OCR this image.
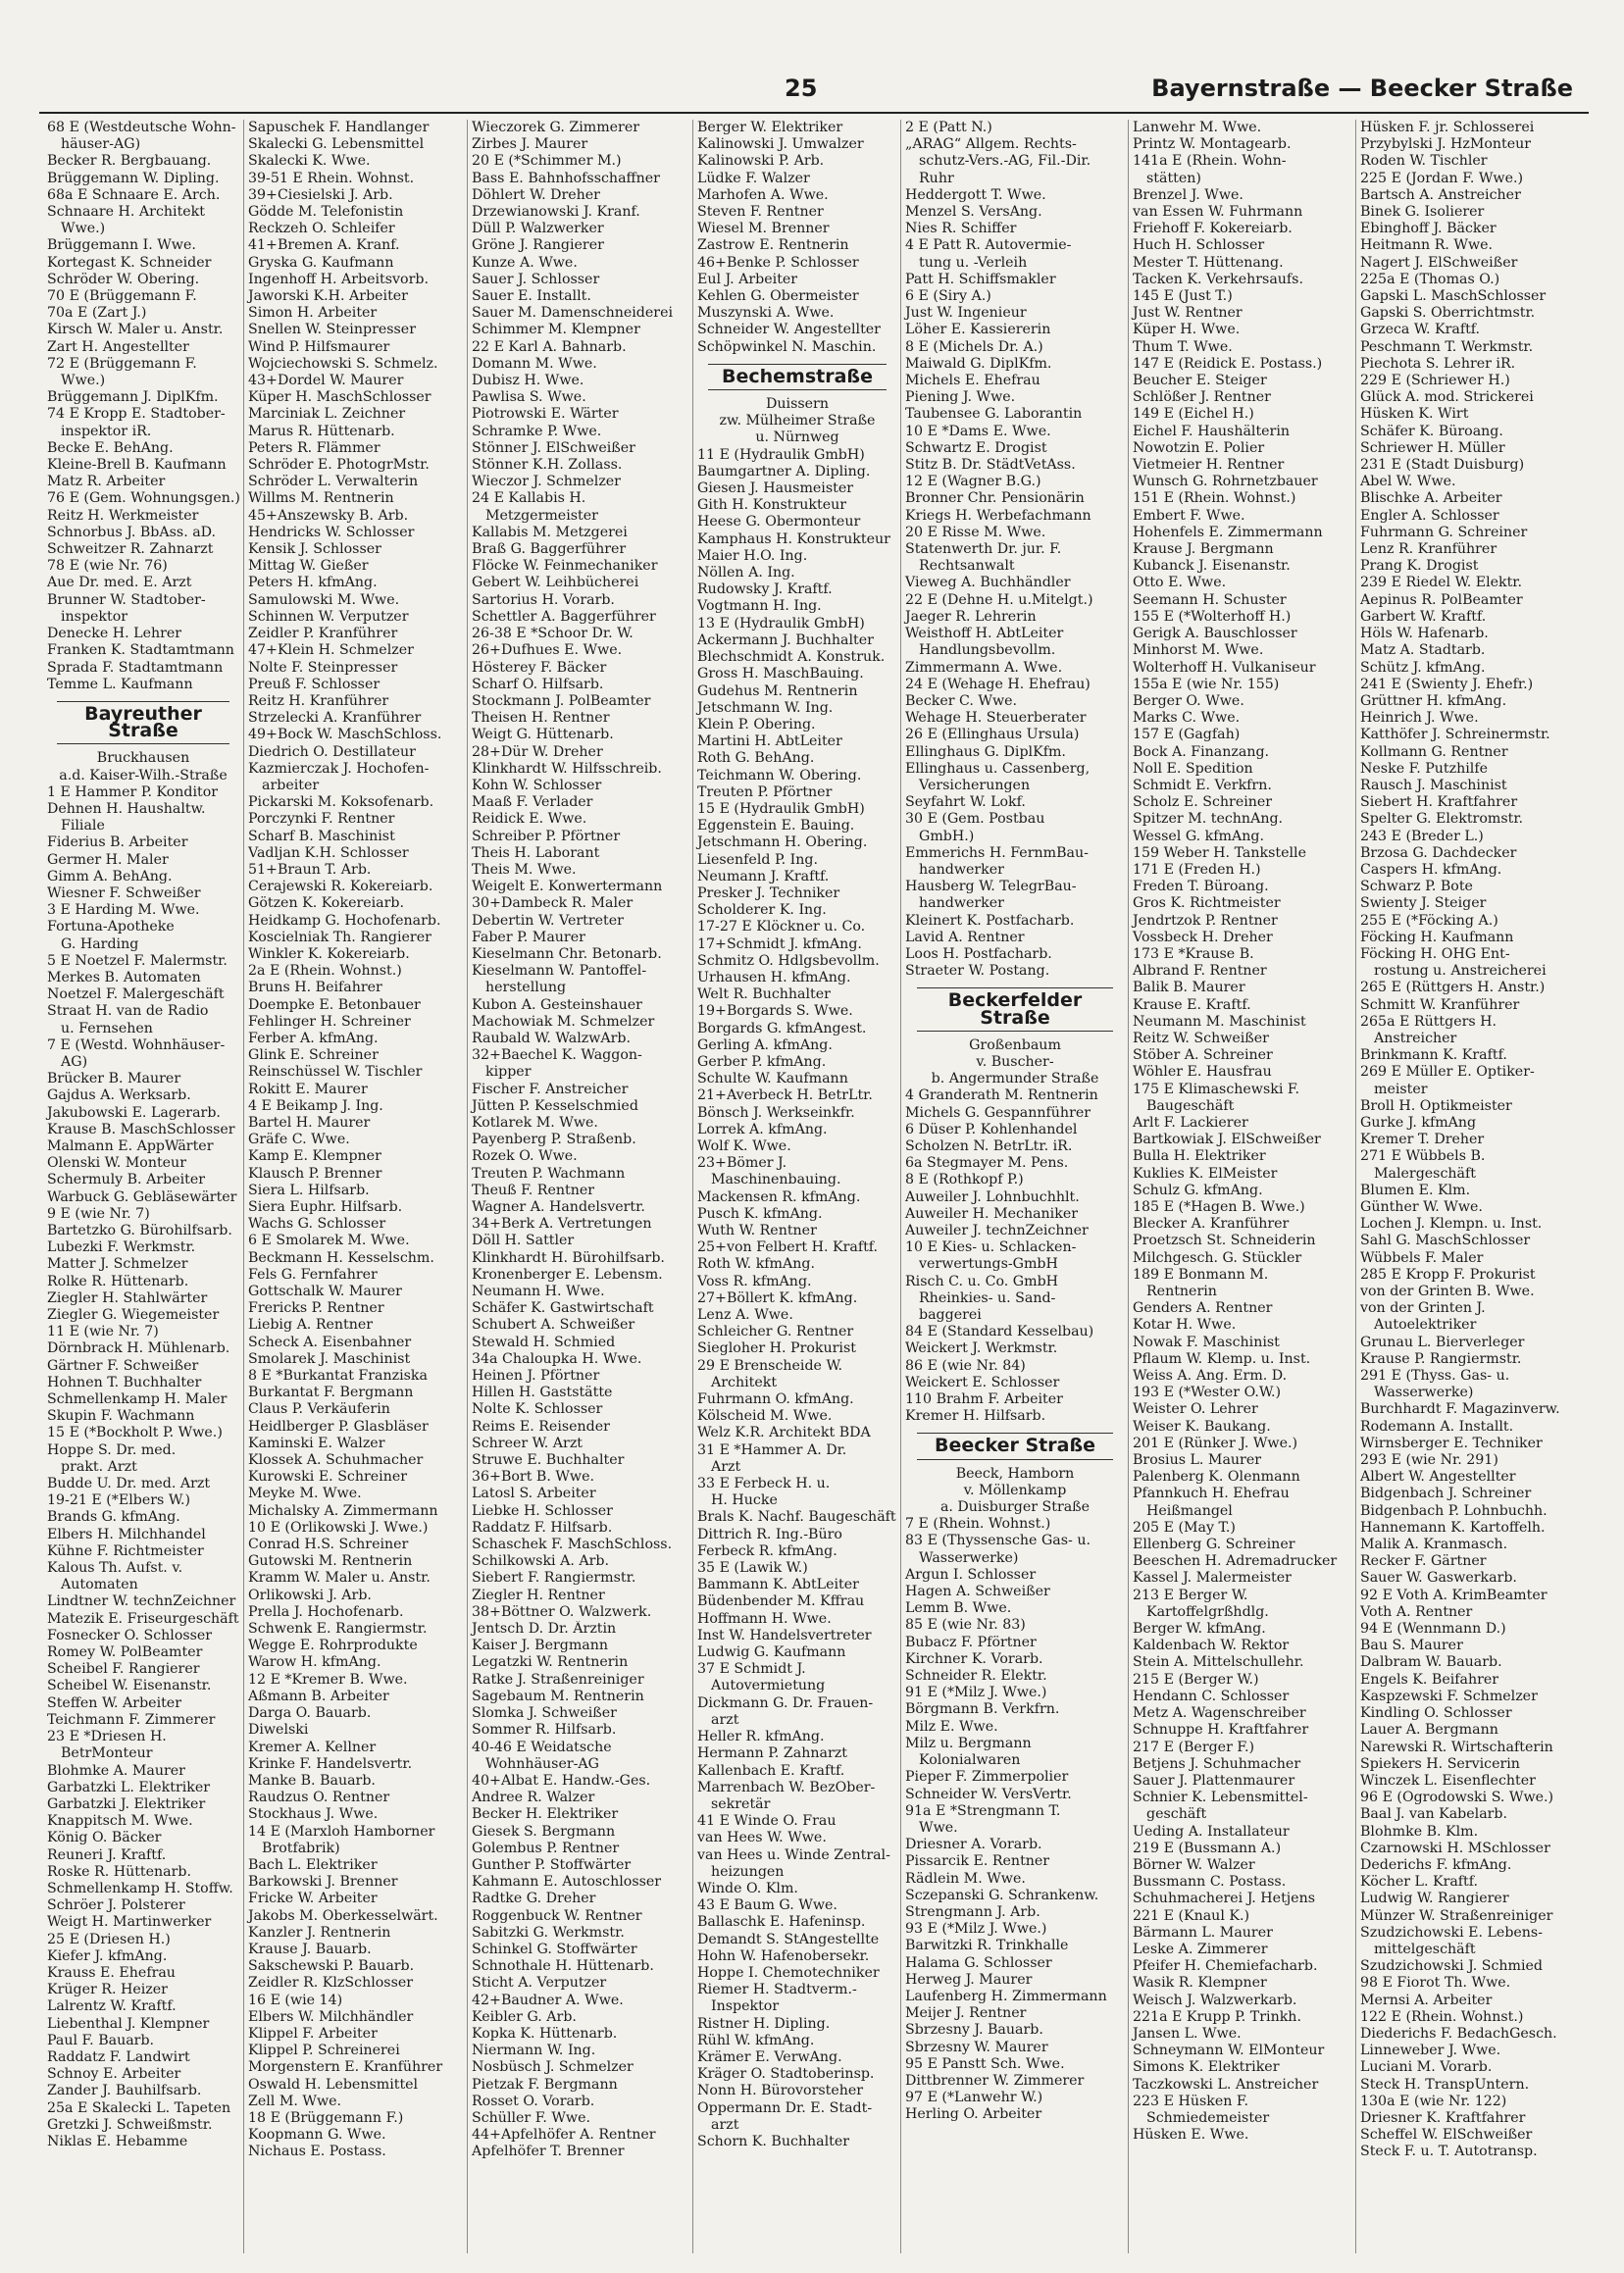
25	Bayernstraße — Beecker Straße
68 E (Westdeutsche Wohn-
häuser-AG)
Becker R. Bergbauang.
Brüggemann W. Dipling.
68a E Schnaare E. Arch.
Schnaare H. Architekt
Wwe.)
Brüggemann I. Wwe.
Kortegast K. Schneider
Schröder W. Obering.
70 E (Brüggemann F.
70a E (Zart J.)
Kirsch W. Maler u. Anstr.
Zart H. Angestellter
72 E (Brüggemann F.
Wwe.)
Brüggemann J. DiplKfm.
74 E Kropp E. Stadtober-
inspektor iR.
Becke E. BehAng.
Kleine-Brell B. Kaufmann
Matz R. Arbeiter
76 E (Gem. Wohnungsgen.)
Reitz H. Werkmeister
Schnorbus J. BbAss. aD.
Schweitzer R. Zahnarzt
78 E (wie Nr. 76)
Aue Dr. med. E. Arzt
Brunner W. Stadtober-
inspektor
Denecke H. Lehrer
Franken K. Stadtamtmann
Sprada F. Stadtamtmann
Temme L. Kaufmann
Bayreuther Straße
Bruckhausen
a.d. Kaiser-Wilh.-Straße
1 E Hammer P. Konditor
Dehnen H. Haushaltw.
Filiale
Fiderius B. Arbeiter
Germer H. Maler
Gimm A. BehAng.
Wiesner F. Schweißer
3 E Harding M. Wwe.
Fortuna-Apotheke
G. Harding
5 E Noetzel F. Malermstr.
Merkes B. Automaten
Noetzel F. Malergeschäft
Straat H. van de Radio
u. Fernsehen
7 E (Westd. Wohnhäuser-
AG)
Brücker B. Maurer
Gajdus A. Werksarb.
Jakubowski E. Lagerarb.
Krause B. MaschSchlosser
Malmann E. AppWärter
Olenski W. Monteur
Schermuly B. Arbeiter
Warbuck G. Gebläsewärter
9 E (wie Nr. 7)
Bartetzko G. Bürohilfsarb.
Lubezki F. Werkmstr.
Matter J. Schmelzer
Rolke R. Hüttenarb.
Ziegler H. Stahlwärter
Ziegler G. Wiegemeister
11 E (wie Nr. 7)
Dörnbrack H. Mühlenarb.
Gärtner F. Schweißer
Hohnen T. Buchhalter
Schmellenkamp H. Maler
Skupin F. Wachmann
15 E (*Bockholt P. Wwe.)
Hoppe S. Dr. med.
prakt. Arzt
Budde U. Dr. med. Arzt
19-21 E (*Elbers W.)
Brands G. kfmAng.
Elbers H. Milchhandel
Kühne F. Richtmeister
Kalous Th. Aufst. v.
Automaten
Lindtner W. technZeichner
Matezik E. Friseurgeschäft
Fosnecker O. Schlosser
Romey W. PolBeamter
Scheibel F. Rangierer
Scheibel W. Eisenanstr.
Steffen W. Arbeiter
Teichmann F. Zimmerer
23 E *Driesen H.
BetrMonteur
Blohmke A. Maurer
Garbatzki L. Elektriker
Garbatzki J. Elektriker
Knappitsch M. Wwe.
König O. Bäcker
Reuneri J. Kraftf.
Roske R. Hüttenarb.
Schmellenkamp H. Stoffw.
Schröer J. Polsterer
Weigt H. Martinwerker
25 E (Driesen H.)
Kiefer J. kfmAng.
Krauss E. Ehefrau
Krüger R. Heizer
Lalrentz W. Kraftf.
Liebenthal J. Klempner
Paul F. Bauarb.
Raddatz F. Landwirt
Schnoy E. Arbeiter
Zander J. Bauhilfsarb.
25a E Skalecki L. Tapeten
Gretzki J. Schweißmstr.
Niklas E. Hebamme
Sapuschek F. Handlanger
Skalecki G. Lebensmittel
Skalecki K. Wwe.
39-51 E Rhein. Wohnst.
39+Ciesielski J. Arb.
Gödde M. Telefonistin
Reckzeh O. Schleifer
41+Bremen A. Kranf.
Gryska G. Kaufmann
Ingenhoff H. Arbeitsvorb.
Jaworski K.H. Arbeiter
Simon H. Arbeiter
Snellen W. Steinpresser
Wind P. Hilfsmaurer
Wojciechowski S. Schmelz.
43+Dordel W. Maurer
Küper H. MaschSchlosser
Marciniak L. Zeichner
Marus R. Hüttenarb.
Peters R. Flämmer
Schröder E. PhotogrMstr.
Schröder L. Verwalterin
Willms M. Rentnerin
45+Anszewsky B. Arb.
Hendricks W. Schlosser
Kensik J. Schlosser
Mittag W. Gießer
Peters H. kfmAng.
Samulowski M. Wwe.
Schinnen W. Verputzer
Zeidler P. Kranführer
47+Klein H. Schmelzer
Nolte F. Steinpresser
Preuß F. Schlosser
Reitz H. Kranführer
Strzelecki A. Kranführer
49+Bock W. MaschSchloss.
Diedrich O. Destillateur
Kazmierczak J. Hochofen-
arbeiter
Pickarski M. Koksofenarb.
Porczynki F. Rentner
Scharf B. Maschinist
Vadljan K.H. Schlosser
51+Braun T. Arb.
Cerajewski R. Kokereiarb.
Götzen K. Kokereiarb.
Heidkamp G. Hochofenarb.
Koscielniak Th. Rangierer
Winkler K. Kokereiarb.
2a E (Rhein. Wohnst.)
Bruns H. Beifahrer
Doempke E. Betonbauer
Fehlinger H. Schreiner
Ferber A. kfmAng.
Glink E. Schreiner
Reinschüssel W. Tischler
Rokitt E. Maurer
4 E Beikamp J. Ing.
Bartel H. Maurer
Gräfe C. Wwe.
Kamp E. Klempner
Klausch P. Brenner
Siera L. Hilfsarb.
Siera Euphr. Hilfsarb.
Wachs G. Schlosser
6 E Smolarek M. Wwe.
Beckmann H. Kesselschm.
Fels G. Fernfahrer
Gottschalk W. Maurer
Frericks P. Rentner
Liebig A. Rentner
Scheck A. Eisenbahner
Smolarek J. Maschinist
8 E *Burkantat Franziska
Burkantat F. Bergmann
Claus P. Verkäuferin
Heidlberger P. Glasbläser
Kaminski E. Walzer
Klossek A. Schuhmacher
Kurowski E. Schreiner
Meyke M. Wwe.
Michalsky A. Zimmermann
10 E (Orlikowski J. Wwe.)
Conrad H.S. Schreiner
Gutowski M. Rentnerin
Kramm W. Maler u. Anstr.
Orlikowski J. Arb.
Prella J. Hochofenarb.
Schwenk E. Rangiermstr.
Wegge E. Rohrprodukte
Warow H. kfmAng.
12 E *Kremer B. Wwe.
Aßmann B. Arbeiter
Darga O. Bauarb.
Diwelski
Kremer A. Kellner
Krinke F. Handelsvertr.
Manke B. Bauarb.
Raudzus O. Rentner
Stockhaus J. Wwe.
14 E (Marxloh Hamborner
Brotfabrik)
Bach L. Elektriker
Barkowski J. Brenner
Fricke W. Arbeiter
Jakobs M. Oberkesselwärt.
Kanzler J. Rentnerin
Krause J. Bauarb.
Sakschewski P. Bauarb.
Zeidler R. KlzSchlosser
16 E (wie 14)
Elbers W. Milchhändler
Klippel F. Arbeiter
Klippel P. Schreinerei
Morgenstern E. Kranführer
Oswald H. Lebensmittel
Zell M. Wwe.
18 E (Brüggemann F.)
Koopmann G. Wwe.
Nichaus E. Postass.
Wieczorek G. Zimmerer
Zirbes J. Maurer
20 E (*Schimmer M.)
Bass E. Bahnhofsschaffner
Döhlert W. Dreher
Drzewianowski J. Kranf.
Düll P. Walzwerker
Gröne J. Rangierer
Kunze A. Wwe.
Sauer J. Schlosser
Sauer E. Installt.
Sauer M. Damenschneiderei
Schimmer M. Klempner
22 E Karl A. Bahnarb.
Domann M. Wwe.
Dubisz H. Wwe.
Pawlisa S. Wwe.
Piotrowski E. Wärter
Schramke P. Wwe.
Stönner J. ElSchweißer
Stönner K.H. Zollass.
Wieczor J. Schmelzer
24 E Kallabis H.
Metzgermeister
Kallabis M. Metzgerei
Braß G. Baggerführer
Flöcke W. Feinmechaniker
Gebert W. Leihbücherei
Sartorius H. Vorarb.
Schettler A. Baggerführer
26-38 E *Schoor Dr. W.
26+Dufhues E. Wwe.
Hösterey F. Bäcker
Scharf O. Hilfsarb.
Stockmann J. PolBeamter
Theisen H. Rentner
Weigt G. Hüttenarb.
28+Dür W. Dreher
Klinkhardt W. Hilfsschreib.
Kohn W. Schlosser
Maaß F. Verlader
Reidick E. Wwe.
Schreiber P. Pförtner
Theis H. Laborant
Theis M. Wwe.
Weigelt E. Konwertermann
30+Dambeck R. Maler
Debertin W. Vertreter
Faber P. Maurer
Kieselmann Chr. Betonarb.
Kieselmann W. Pantoffel-
herstellung
Kubon A. Gesteinshauer
Machowiak M. Schmelzer
Raubald W. WalzwArb.
32+Baechel K. Waggon-
kipper
Fischer F. Anstreicher
Jütten P. Kesselschmied
Kotlarek M. Wwe.
Payenberg P. Straßenb.
Rozek O. Wwe.
Treuten P. Wachmann
Theuß F. Rentner
Wagner A. Handelsvertr.
34+Berk A. Vertretungen
Döll H. Sattler
Klinkhardt H. Bürohilfsarb.
Kronenberger E. Lebensm.
Neumann H. Wwe.
Schäfer K. Gastwirtschaft
Schubert A. Schweißer
Stewald H. Schmied
34a Chaloupka H. Wwe.
Heinen J. Pförtner
Hillen H. Gaststätte
Nolte K. Schlosser
Reims E. Reisender
Schreer W. Arzt
Struwe E. Buchhalter
36+Bort B. Wwe.
Latosl S. Arbeiter
Liebke H. Schlosser
Raddatz F. Hilfsarb.
Schaschek F. MaschSchloss.
Schilkowski A. Arb.
Siebert F. Rangiermstr.
Ziegler H. Rentner
38+Böttner O. Walzwerk.
Jentsch D. Dr. Ärztin
Kaiser J. Bergmann
Legatzki W. Rentnerin
Ratke J. Straßenreiniger
Sagebaum M. Rentnerin
Slomka J. Schweißer
Sommer R. Hilfsarb.
40-46 E Weidatsche
Wohnhäuser-AG
40+Albat E. Handw.-Ges.
Andree R. Walzer
Becker H. Elektriker
Giesek S. Bergmann
Golembus P. Rentner
Gunther P. Stoffwärter
Kahmann E. Autoschlosser
Radtke G. Dreher
Roggenbuck W. Rentner
Sabitzki G. Werkmstr.
Schinkel G. Stoffwärter
Schnothale H. Hüttenarb.
Sticht A. Verputzer
42+Baudner A. Wwe.
Keibler G. Arb.
Kopka K. Hüttenarb.
Niermann W. Ing.
Nosbüsch J. Schmelzer
Pietzak F. Bergmann
Rosset O. Vorarb.
Schüller F. Wwe.
44+Apfelhöfer A. Rentner
Apfelhöfer T. Brenner
Berger W. Elektriker
Kalinowski J. Umwalzer
Kalinowski P. Arb.
Lüdke F. Walzer
Marhofen A. Wwe.
Steven F. Rentner
Wiesel M. Brenner
Zastrow E. Rentnerin
46+Benke P. Schlosser
Eul J. Arbeiter
Kehlen G. Obermeister
Muszynski A. Wwe.
Schneider W. Angestellter
Schöpwinkel N. Maschin.
Bechemstraße
Duissern
zw. Mülheimer Straße
u. Nürnweg
11 E (Hydraulik GmbH)
Baumgartner A. Dipling.
Giesen J. Hausmeister
Gith H. Konstrukteur
Heese G. Obermonteur
Kamphaus H. Konstrukteur
Maier H.O. Ing.
Nöllen A. Ing.
Rudowsky J. Kraftf.
Vogtmann H. Ing.
13 E (Hydraulik GmbH)
Ackermann J. Buchhalter
Blechschmidt A. Konstruk.
Gross H. MaschBauing.
Gudehus M. Rentnerin
Jetschmann W. Ing.
Klein P. Obering.
Martini H. AbtLeiter
Roth G. BehAng.
Teichmann W. Obering.
Treuten P. Pförtner
15 E (Hydraulik GmbH)
Eggenstein E. Bauing.
Jetschmann H. Obering.
Liesenfeld P. Ing.
Neumann J. Kraftf.
Presker J. Techniker
Scholderer K. Ing.
17-27 E Klöckner u. Co.
17+Schmidt J. kfmAng.
Schmitz O. Hdlgsbevollm.
Urhausen H. kfmAng.
Welt R. Buchhalter
19+Borgards S. Wwe.
Borgards G. kfmAngest.
Gerling A. kfmAng.
Gerber P. kfmAng.
Schulte W. Kaufmann
21+Averbeck H. BetrLtr.
Bönsch J. Werkseinkfr.
Lorrek A. kfmAng.
Wolf K. Wwe.
23+Bömer J.
Maschinenbauing.
Mackensen R. kfmAng.
Pusch K. kfmAng.
Wuth W. Rentner
25+von Felbert H. Kraftf.
Roth W. kfmAng.
Voss R. kfmAng.
27+Böllert K. kfmAng.
Lenz A. Wwe.
Schleicher G. Rentner
Siegloher H. Prokurist
29 E Brenscheide W.
Architekt
Fuhrmann O. kfmAng.
Kölscheid M. Wwe.
Welz K.R. Architekt BDA
31 E *Hammer A. Dr.
Arzt
33 E Ferbeck H. u.
H. Hucke
Brals K. Nachf. Baugeschäft
Dittrich R. Ing.-Büro
Ferbeck R. kfmAng.
35 E (Lawik W.)
Bammann K. AbtLeiter
Büdenbender M. Kffrau
Hoffmann H. Wwe.
Inst W. Handelsvertreter
Ludwig G. Kaufmann
37 E Schmidt J.
Autovermietung
Dickmann G. Dr. Frauen-
arzt
Heller R. kfmAng.
Hermann P. Zahnarzt
Kallenbach E. Kraftf.
Marrenbach W. BezOber-
sekretär
41 E Winde O. Frau
van Hees W. Wwe.
van Hees u. Winde Zentral-
heizungen
Winde O. Klm.
43 E Baum G. Wwe.
Ballaschk E. Hafeninsp.
Demandt S. StAngestellte
Hohn W. Hafenobersekr.
Hoppe I. Chemotechniker
Riemer H. Stadtverm.-
Inspektor
Ristner H. Dipling.
Rühl W. kfmAng.
Krämer E. VerwAng.
Kräger O. Stadtoberinsp.
Nonn H. Bürovorsteher
Oppermann Dr. E. Stadt-
arzt
Schorn K. Buchhalter
2 E (Patt N.)
„ARAG“ Allgem. Rechts-
schutz-Vers.-AG, Fil.-Dir.
Ruhr
Heddergott T. Wwe.
Menzel S. VersAng.
Nies R. Schiffer
4 E Patt R. Autovermie-
tung u. -Verleih
Patt H. Schiffsmakler
6 E (Siry A.)
Just W. Ingenieur
Löher E. Kassiererin
8 E (Michels Dr. A.)
Maiwald G. DiplKfm.
Michels E. Ehefrau
Piening J. Wwe.
Taubensee G. Laborantin
10 E *Dams E. Wwe.
Schwartz E. Drogist
Stitz B. Dr. StädtVetAss.
12 E (Wagner B.G.)
Bronner Chr. Pensionärin
Kriegs H. Werbefachmann
20 E Risse M. Wwe.
Statenwerth Dr. jur. F.
Rechtsanwalt
Vieweg A. Buchhändler
22 E (Dehne H. u.Mitelgt.)
Jaeger R. Lehrerin
Weisthoff H. AbtLeiter
Handlungsbevollm.
Zimmermann A. Wwe.
24 E (Wehage H. Ehefrau)
Becker C. Wwe.
Wehage H. Steuerberater
26 E (Ellinghaus Ursula)
Ellinghaus G. DiplKfm.
Ellinghaus u. Cassenberg,
Versicherungen
Seyfahrt W. Lokf.
30 E (Gem. Postbau
GmbH.)
Emmerichs H. FernmBau-
handwerker
Hausberg W. TelegrBau-
handwerker
Kleinert K. Postfacharb.
Lavid A. Rentner
Loos H. Postfacharb.
Straeter W. Postang.
Beckerfelder Straße
Großenbaum
v. Buscher-
b. Angermunder Straße
4 Granderath M. Rentnerin
Michels G. Gespannführer
6 Düser P. Kohlenhandel
Scholzen N. BetrLtr. iR.
6a Stegmayer M. Pens.
8 E (Rothkopf P.)
Auweiler J. Lohnbuchhlt.
Auweiler H. Mechaniker
Auweiler J. technZeichner
10 E Kies- u. Schlacken-
verwertungs-GmbH
Risch C. u. Co. GmbH
Rheinkies- u. Sand-
baggerei
84 E (Standard Kesselbau)
Weickert J. Werkmstr.
86 E (wie Nr. 84)
Weickert E. Schlosser
110 Brahm F. Arbeiter
Kremer H. Hilfsarb.
Beecker Straße
Beeck, Hamborn
v. Möllenkamp
a. Duisburger Straße
7 E (Rhein. Wohnst.)
83 E (Thyssensche Gas- u.
Wasserwerke)
Argun I. Schlosser
Hagen A. Schweißer
Lemm B. Wwe.
85 E (wie Nr. 83)
Bubacz F. Pförtner
Kirchner K. Vorarb.
Schneider R. Elektr.
91 E (*Milz J. Wwe.)
Börgmann B. Verkfrn.
Milz E. Wwe.
Milz u. Bergmann
Kolonialwaren
Pieper F. Zimmerpolier
Schneider W. VersVertr.
91a E *Strengmann T.
Wwe.
Driesner A. Vorarb.
Pissarcik E. Rentner
Rädlein M. Wwe.
Sczepanski G. Schrankenw.
Strengmann J. Arb.
93 E (*Milz J. Wwe.)
Barwitzki R. Trinkhalle
Halama G. Schlosser
Herweg J. Maurer
Laufenberg H. Zimmermann
Meijer J. Rentner
Sbrzesny J. Bauarb.
Sbrzesny W. Maurer
95 E Panstt Sch. Wwe.
Dittbrenner W. Zimmerer
97 E (*Lanwehr W.)
Herling O. Arbeiter
Lanwehr M. Wwe.
Printz W. Montagearb.
141a E (Rhein. Wohn-
stätten)
Brenzel J. Wwe.
van Essen W. Fuhrmann
Friehoff F. Kokereiarb.
Huch H. Schlosser
Mester T. Hüttenang.
Tacken K. Verkehrsaufs.
145 E (Just T.)
Just W. Rentner
Küper H. Wwe.
Thum T. Wwe.
147 E (Reidick E. Postass.)
Beucher E. Steiger
Schlößer J. Rentner
149 E (Eichel H.)
Eichel F. Haushälterin
Nowotzin E. Polier
Vietmeier H. Rentner
Wunsch G. Rohrnetzbauer
151 E (Rhein. Wohnst.)
Embert F. Wwe.
Hohenfels E. Zimmermann
Krause J. Bergmann
Kubanck J. Eisenanstr.
Otto E. Wwe.
Seemann H. Schuster
155 E (*Wolterhoff H.)
Gerigk A. Bauschlosser
Minhorst M. Wwe.
Wolterhoff H. Vulkaniseur
155a E (wie Nr. 155)
Berger O. Wwe.
Marks C. Wwe.
157 E (Gagfah)
Bock A. Finanzang.
Noll E. Spedition
Schmidt E. Verkfrn.
Scholz E. Schreiner
Spitzer M. technAng.
Wessel G. kfmAng.
159 Weber H. Tankstelle
171 E (Freden H.)
Freden T. Büroang.
Gros K. Richtmeister
Jendrtzok P. Rentner
Vossbeck H. Dreher
173 E *Krause B.
Albrand F. Rentner
Balik B. Maurer
Krause E. Kraftf.
Neumann M. Maschinist
Reitz W. Schweißer
Stöber A. Schreiner
Wöhler E. Hausfrau
175 E Klimaschewski F.
Baugeschäft
Arlt F. Lackierer
Bartkowiak J. ElSchweißer
Bulla H. Elektriker
Kuklies K. ElMeister
Schulz G. kfmAng.
185 E (*Hagen B. Wwe.)
Blecker A. Kranführer
Proetzsch St. Schneiderin
Milchgesch. G. Stückler
189 E Bonmann M.
Rentnerin
Genders A. Rentner
Kotar H. Wwe.
Nowak F. Maschinist
Pflaum W. Klemp. u. Inst.
Weiss A. Ang. Erm. D.
193 E (*Wester O.W.)
Weister O. Lehrer
Weiser K. Baukang.
201 E (Rünker J. Wwe.)
Brosius L. Maurer
Palenberg K. Olenmann
Pfannkuch H. Ehefrau
Heißmangel
205 E (May T.)
Ellenberg G. Schreiner
Beeschen H. Adremadrucker
Kassel J. Malermeister
213 E Berger W.
Kartoffelgrßhdlg.
Berger W. kfmAng.
Kaldenbach W. Rektor
Stein A. Mittelschullehr.
215 E (Berger W.)
Hendann C. Schlosser
Metz A. Wagenschreiber
Schnuppe H. Kraftfahrer
217 E (Berger F.)
Betjens J. Schuhmacher
Sauer J. Plattenmaurer
Schnier K. Lebensmittel-
geschäft
Ueding A. Installateur
219 E (Bussmann A.)
Börner W. Walzer
Bussmann C. Postass.
Schuhmacherei J. Hetjens
221 E (Knaul K.)
Bärmann L. Maurer
Leske A. Zimmerer
Pfeifer H. Chemiefacharb.
Wasik R. Klempner
Weisch J. Walzwerkarb.
221a E Krupp P. Trinkh.
Jansen L. Wwe.
Schneymann W. ElMonteur
Simons K. Elektriker
Taczkowski L. Anstreicher
223 E Hüsken F.
Schmiedemeister
Hüsken E. Wwe.
Hüsken F. jr. Schlosserei
Przybylski J. HzMonteur
Roden W. Tischler
225 E (Jordan F. Wwe.)
Bartsch A. Anstreicher
Binek G. Isolierer
Ebinghoff J. Bäcker
Heitmann R. Wwe.
Nagert J. ElSchweißer
225a E (Thomas O.)
Gapski L. MaschSchlosser
Gapski S. Oberrichtmstr.
Grzeca W. Kraftf.
Peschmann T. Werkmstr.
Piechota S. Lehrer iR.
229 E (Schriewer H.)
Glück A. mod. Strickerei
Hüsken K. Wirt
Schäfer K. Büroang.
Schriewer H. Müller
231 E (Stadt Duisburg)
Abel W. Wwe.
Blischke A. Arbeiter
Engler A. Schlosser
Fuhrmann G. Schreiner
Lenz R. Kranführer
Prang K. Drogist
239 E Riedel W. Elektr.
Aepinus R. PolBeamter
Garbert W. Kraftf.
Höls W. Hafenarb.
Matz A. Stadtarb.
Schütz J. kfmAng.
241 E (Swienty J. Ehefr.)
Grüttner H. kfmAng.
Heinrich J. Wwe.
Katthöfer J. Schreinermstr.
Kollmann G. Rentner
Neske F. Putzhilfe
Rausch J. Maschinist
Siebert H. Kraftfahrer
Spelter G. Elektromstr.
243 E (Breder L.)
Brzosa G. Dachdecker
Caspers H. kfmAng.
Schwarz P. Bote
Swienty J. Steiger
255 E (*Föcking A.)
Föcking H. Kaufmann
Föcking H. OHG Ent-
rostung u. Anstreicherei
265 E (Rüttgers H. Anstr.)
Schmitt W. Kranführer
265a E Rüttgers H.
Anstreicher
Brinkmann K. Kraftf.
269 E Müller E. Optiker-
meister
Broll H. Optikmeister
Gurke J. kfmAng
Kremer T. Dreher
271 E Wübbels B.
Malergeschäft
Blumen E. Klm.
Günther W. Wwe.
Lochen J. Klempn. u. Inst.
Sahl G. MaschSchlosser
Wübbels F. Maler
285 E Kropp F. Prokurist
von der Grinten B. Wwe.
von der Grinten J.
Autoelektriker
Grunau L. Bierverleger
Krause P. Rangiermstr.
291 E (Thyss. Gas- u.
Wasserwerke)
Burchhardt F. Magazinverw.
Rodemann A. Installt.
Wirnsberger E. Techniker
293 E (wie Nr. 291)
Albert W. Angestellter
Bidgenbach J. Schreiner
Bidgenbach P. Lohnbuchh.
Hannemann K. Kartoffelh.
Malik A. Kranmasch.
Recker F. Gärtner
Sauer W. Gaswerkarb.
92 E Voth A. KrimBeamter
Voth A. Rentner
94 E (Wennmann D.)
Bau S. Maurer
Dalbram W. Bauarb.
Engels K. Beifahrer
Kaspzewski F. Schmelzer
Kindling O. Schlosser
Lauer A. Bergmann
Narewski R. Wirtschafterin
Spiekers H. Servicerin
Winczek L. Eisenflechter
96 E (Ogrodowski S. Wwe.)
Baal J. van Kabelarb.
Blohmke B. Klm.
Czarnowski H. MSchlosser
Dederichs F. kfmAng.
Köcher L. Kraftf.
Ludwig W. Rangierer
Münzer W. Straßenreiniger
Szudzichowski E. Lebens-
mittelgeschäft
Szudzichowski J. Schmied
98 E Fiorot Th. Wwe.
Mernsi A. Arbeiter
122 E (Rhein. Wohnst.)
Diederichs F. BedachGesch.
Linneweber J. Wwe.
Luciani M. Vorarb.
Steck H. TranspUntern.
130a E (wie Nr. 122)
Driesner K. Kraftfahrer
Scheffel W. ElSchweißer
Steck F. u. T. Autotransp.
